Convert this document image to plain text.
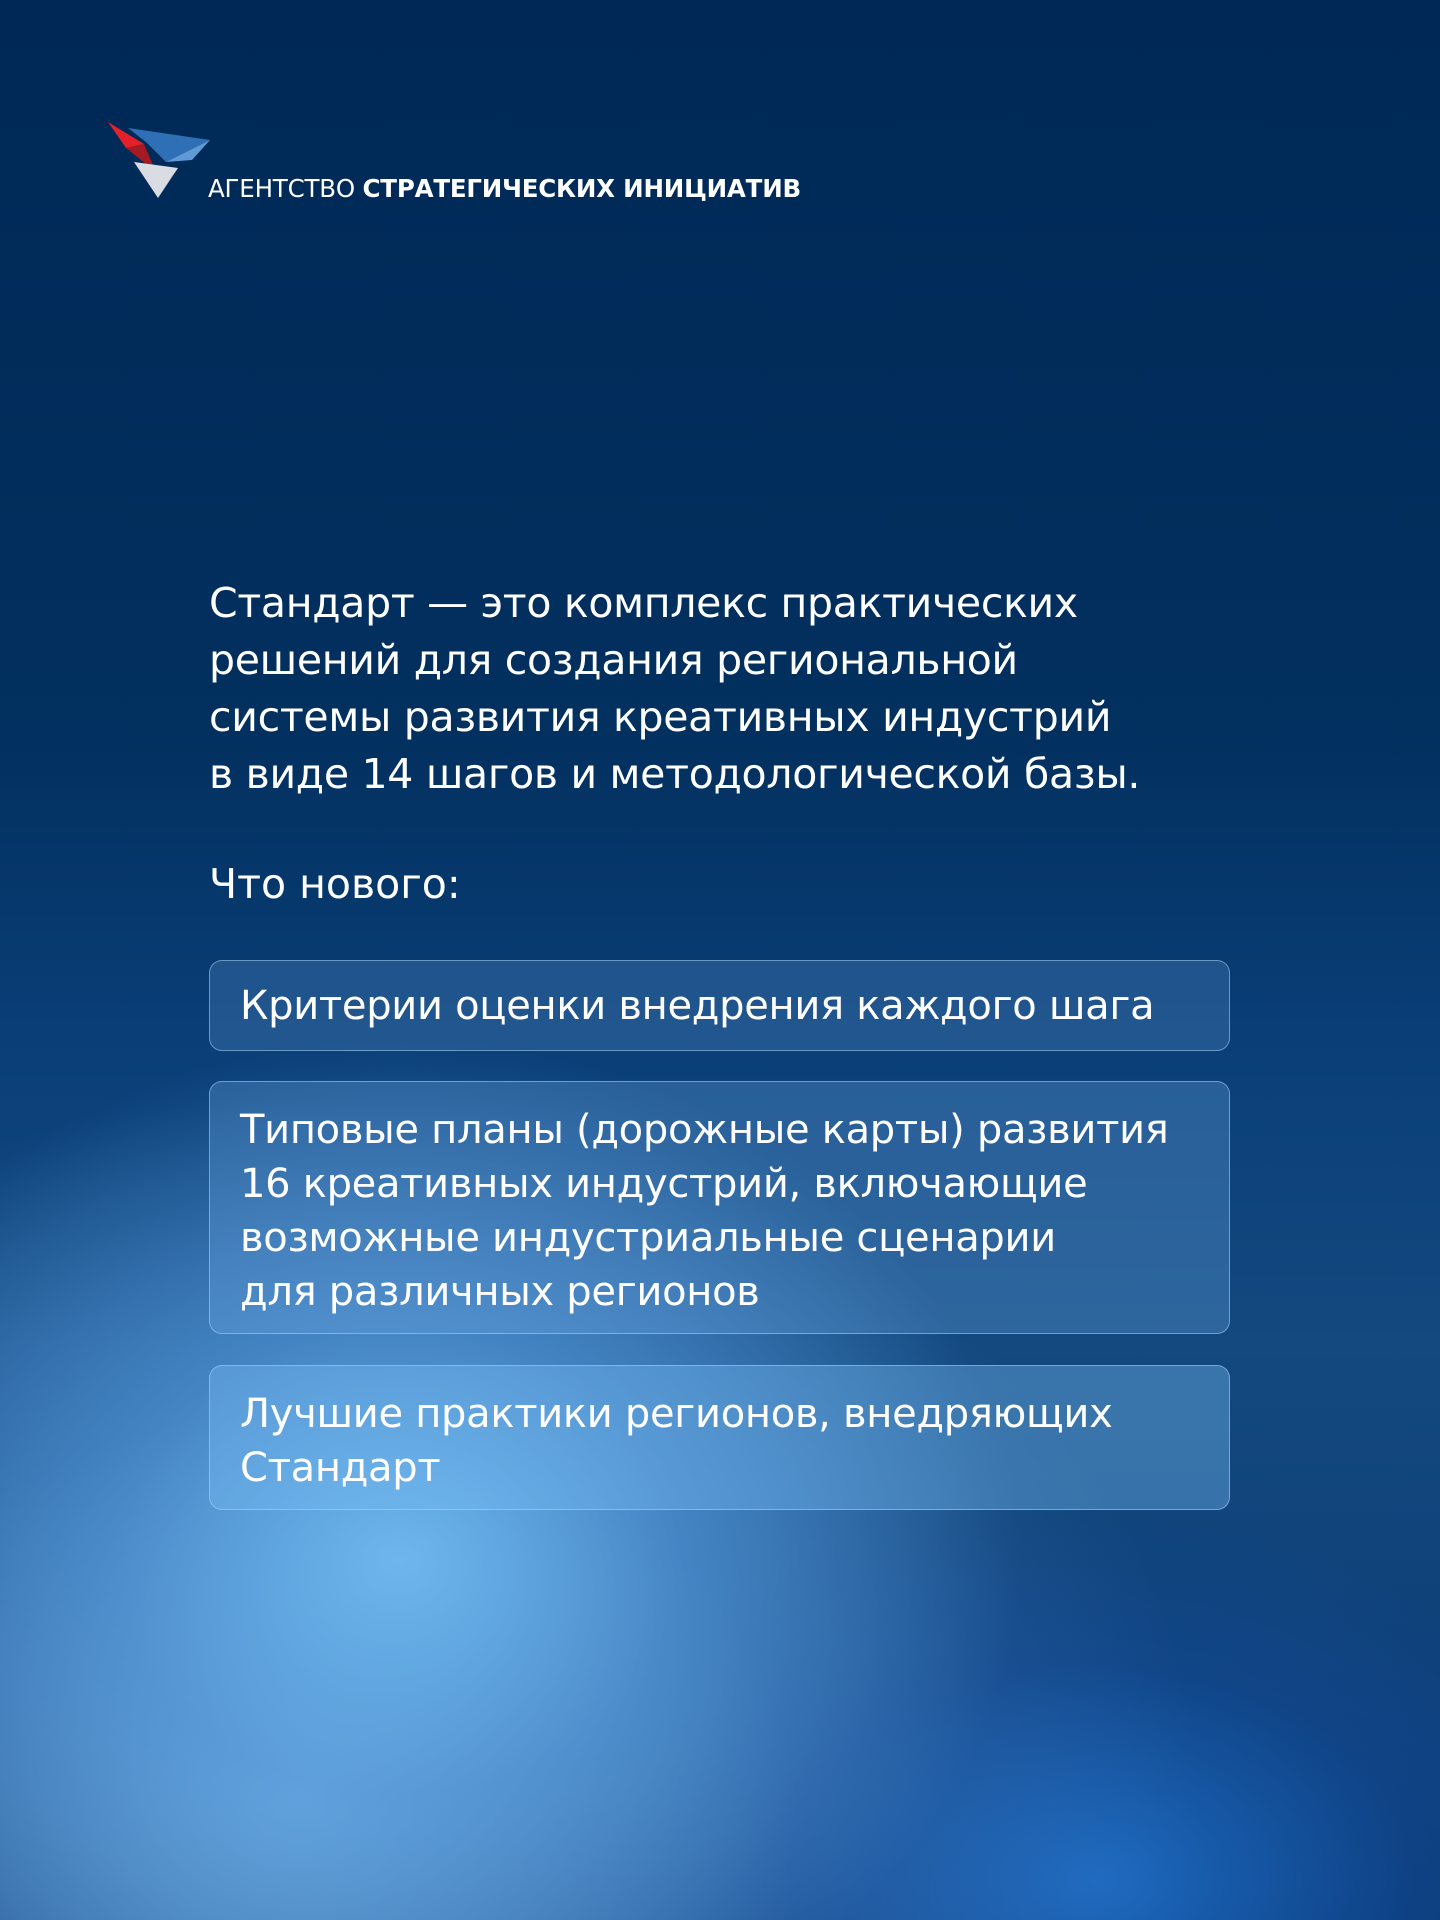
АГЕНТСТВО СТРАТЕГИЧЕСКИХ ИНИЦИАТИВ

Стандарт — это комплекс практических
решений для создания региональной
системы развития креативных индустрий
в виде 14 шагов и методологической базы.

Что нового:

Критерии оценки внедрения каждого шага
Типовые планы (дорожные карты) развития
16 креативных индустрий, включающие
возможные индустриальные сценарии
для различных регионов
Лучшие практики регионов, внедряющих
Стандарт
